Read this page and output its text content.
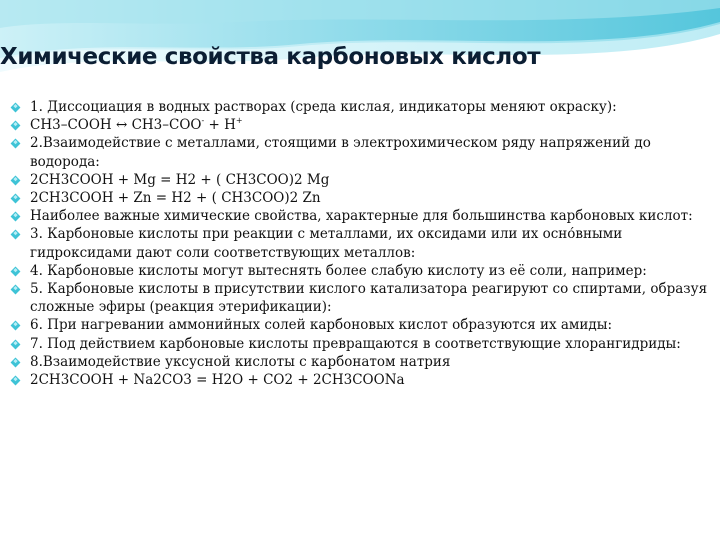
Химические свойства карбоновых кислот
1. Диссоциация в водных растворах (среда кислая, индикаторы меняют окраску):
CH3–COOH ↔ CH3–COO- + H+
2.Взаимодействие с металлами, стоящими в электрохимическом ряду напряжений до водорода:
2CH3COOH + Mg = H2 + ( CH3COO)2 Mg
2CH3COOH + Zn = H2 + ( CH3COO)2 Zn
Наиболее важные химические свойства, характерные для большинства карбоновых кислот:
3. Карбоновые кислоты при реакции с металлами, их оксидами или их осно́вными гидроксидами дают соли соответствующих металлов:
4. Карбоновые кислоты могут вытеснять более слабую кислоту из её соли, например:
5. Карбоновые кислоты в присутствии кислого катализатора реагируют со спиртами, образуя сложные эфиры (реакция этерификации):
6. При нагревании аммонийных солей карбоновых кислот образуются их амиды:
7. Под действием карбоновые кислоты превращаются в соответствующие хлорангидриды:
8.Взаимодействие уксусной кислоты с карбонатом натрия
2CH3COOH + Na2CO3 = H2O + CO2 + 2CH3COONa
